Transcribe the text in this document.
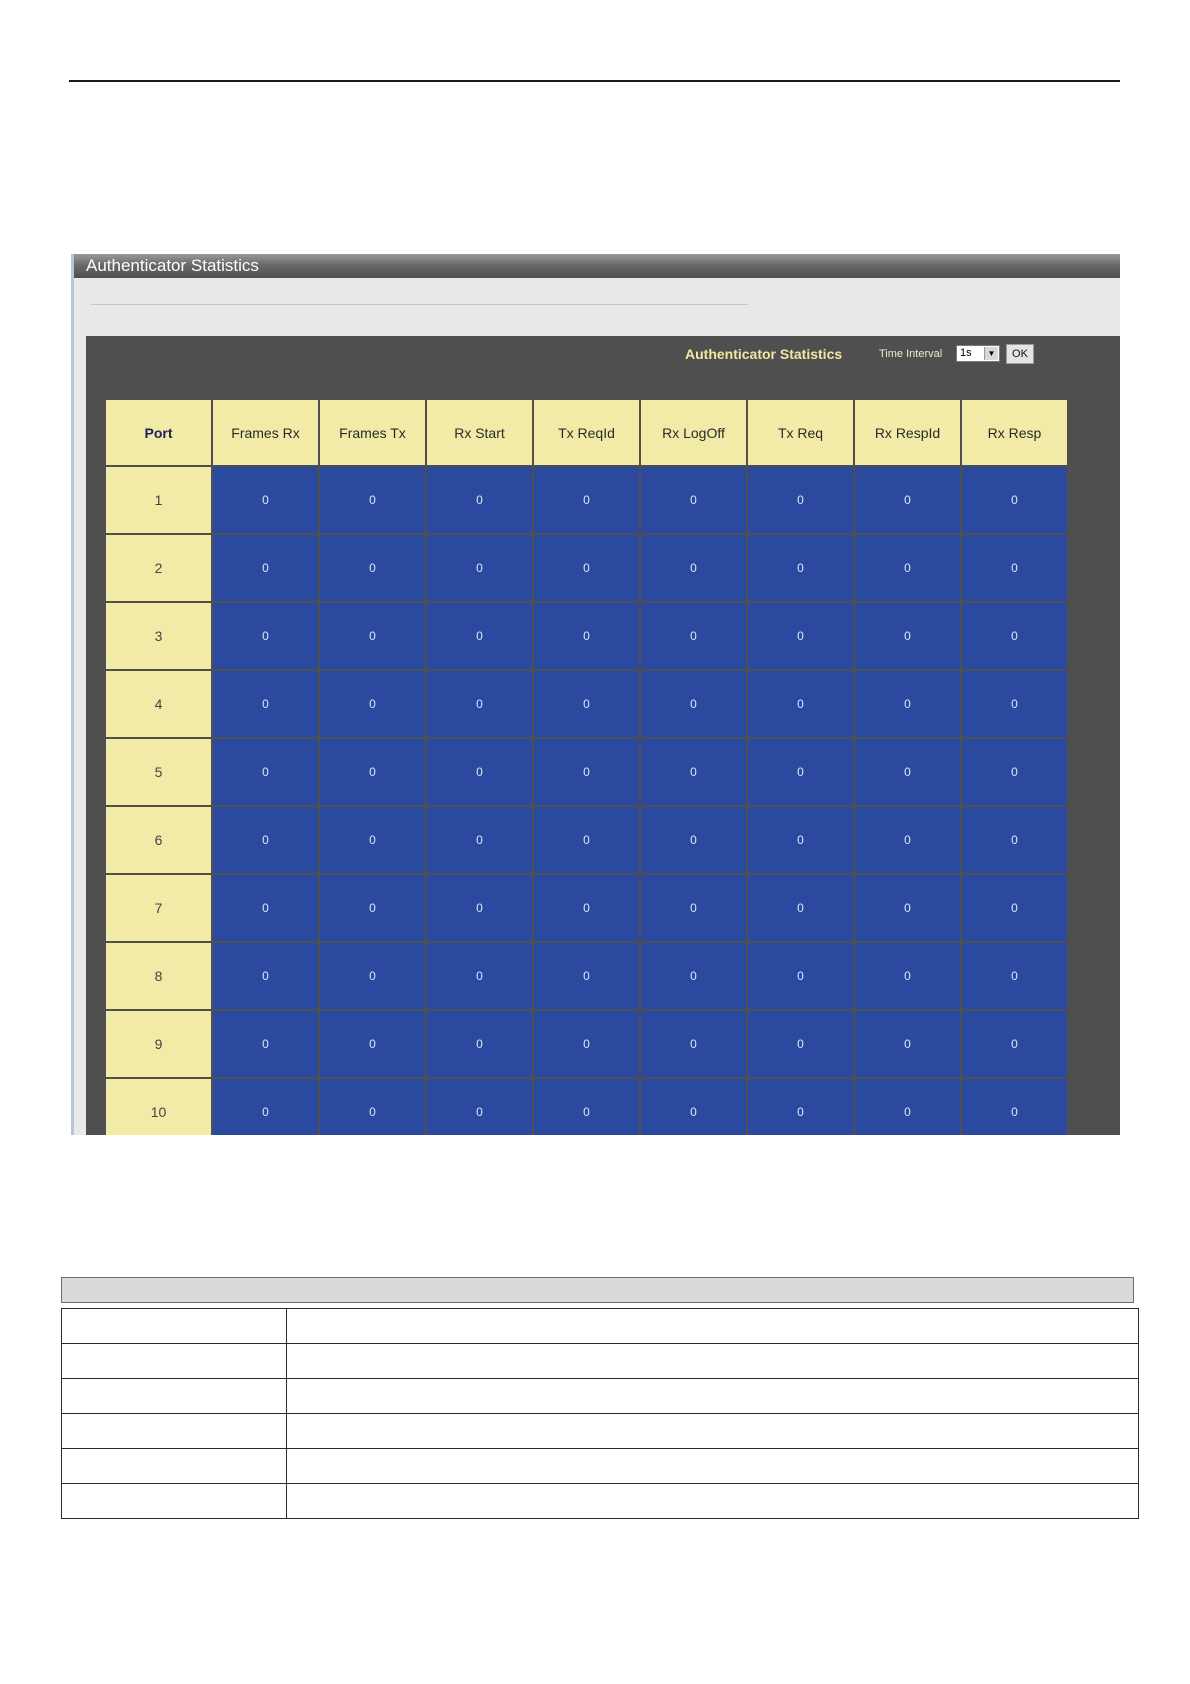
Authenticator Statistics
Authenticator Statistics	Time Interval	1s	▼	OK
Port	Frames Rx	Frames Tx	Rx Start	Tx ReqId	Rx LogOff	Tx Req	Rx RespId	Rx Resp
1	0	0	0	0	0	0	0	0
2	0	0	0	0	0	0	0	0
3	0	0	0	0	0	0	0	0
4	0	0	0	0	0	0	0	0
5	0	0	0	0	0	0	0	0
6	0	0	0	0	0	0	0	0
7	0	0	0	0	0	0	0	0
8	0	0	0	0	0	0	0	0
9	0	0	0	0	0	0	0	0
10	0	0	0	0	0	0	0	0
